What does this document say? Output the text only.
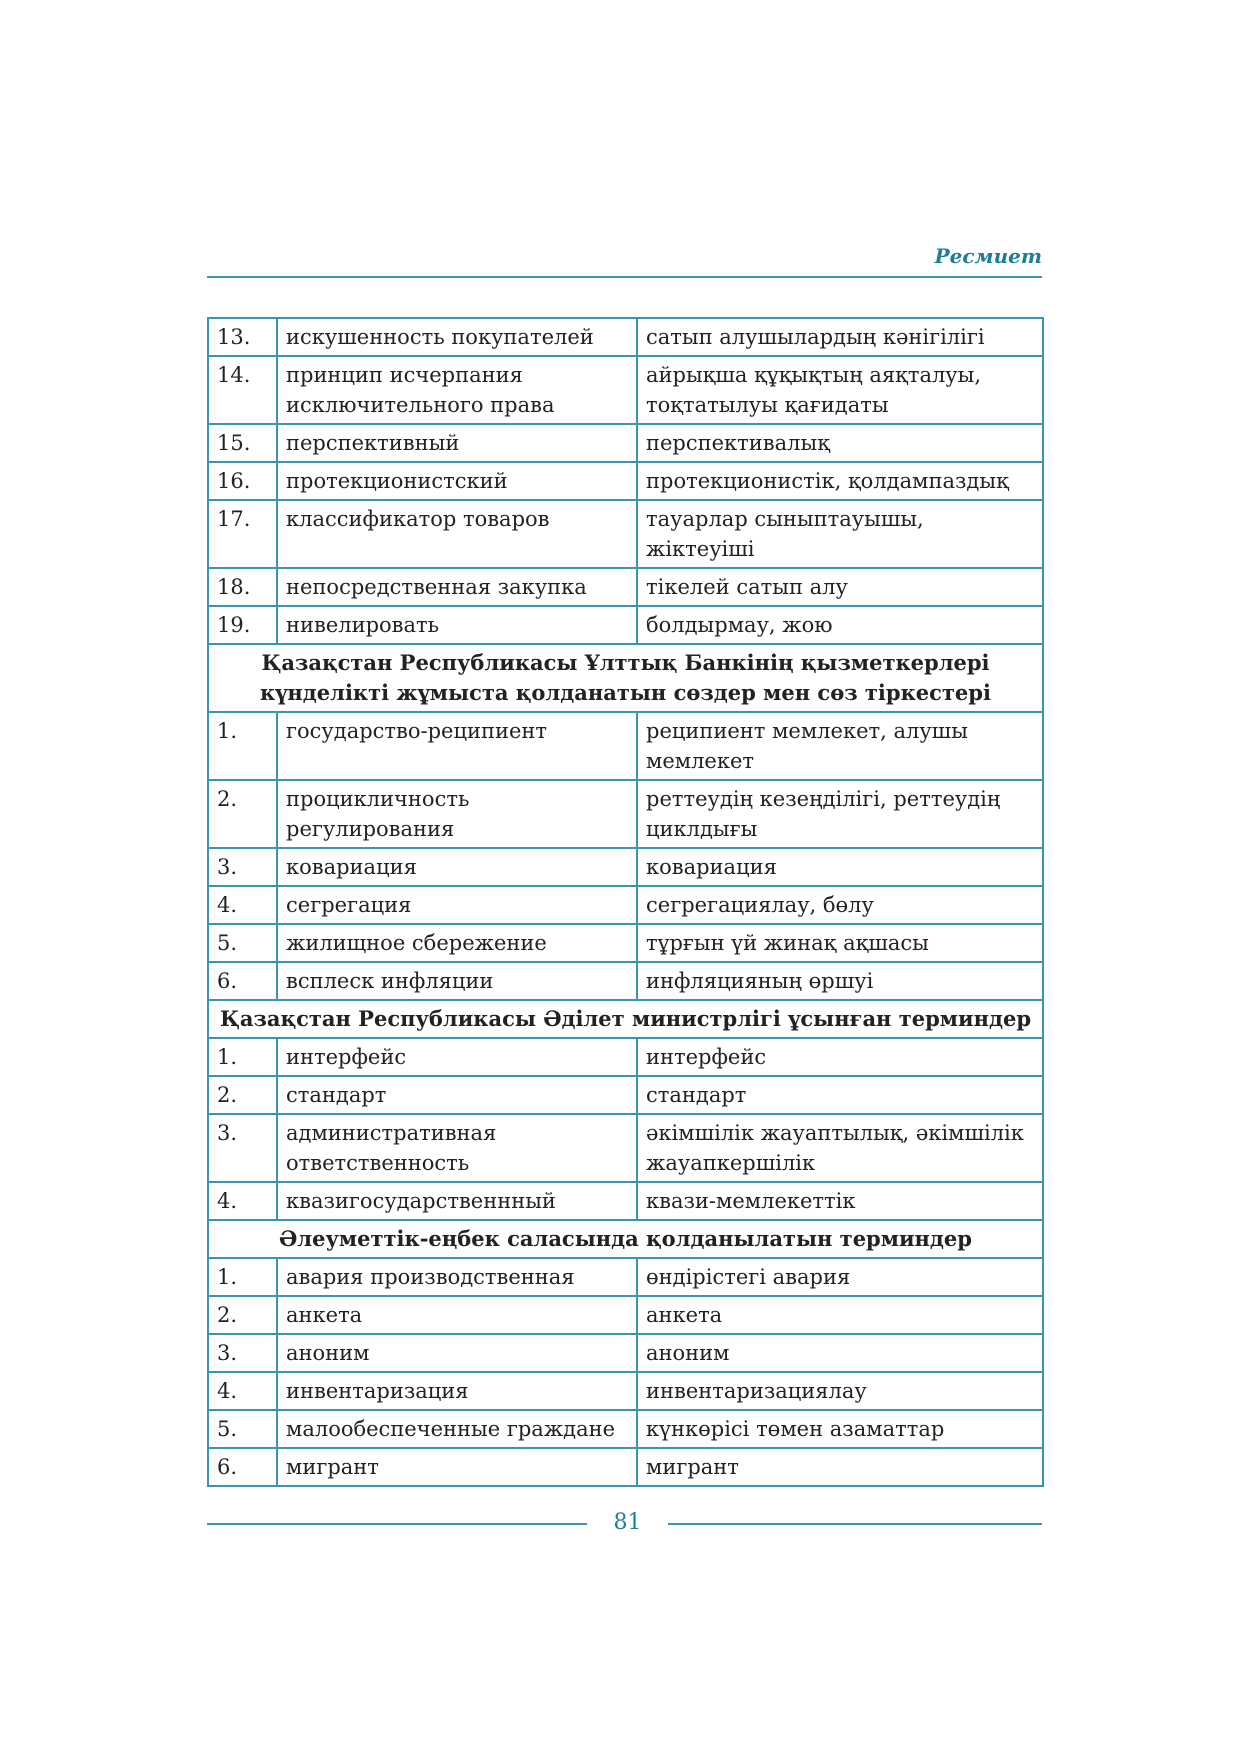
Ресмиет
13.	искушенность покупателей	сатып алушылардың кәнігілігі
14.	принцип исчерпания исключительного права	айрықша құқықтың аяқталуы, тоқтатылуы қағидаты
15.	перспективный	перспективалық
16.	протекционистский	протекционистік, қолдампаздық
17.	классификатор товаров	тауарлар сыныптауышы, жіктеуіші
18.	непосредственная закупка	тікелей сатып алу
19.	нивелировать	болдырмау, жою
Қазақстан Республикасы Ұлттық Банкінің қызметкерлері күнделікті жұмыста қолданатын сөздер мен сөз тіркестері		
1.	государство-реципиент	реципиент мемлекет, алушы мемлекет
2.	процикличность регулирования	реттеудің кезеңділігі, реттеудің циклдығы
3.	ковариация	ковариация
4.	сегрегация	сегрегациялау, бөлу
5.	жилищное сбережение	тұрғын үй жинақ ақшасы
6.	всплеск инфляции	инфляцияның өршуі
Қазақстан Республикасы Әділет министрлігі ұсынған терминдер		
1.	интерфейс	интерфейс
2.	стандарт	стандарт
3.	административная ответственность	әкімшілік жауаптылық, әкімшілік жауапкершілік
4.	квазигосударственнный	квази-мемлекеттік
Әлеуметтік-еңбек саласында қолданылатын терминдер		
1.	авария производственная	өндірістегі авария
2.	анкета	анкета
3.	аноним	аноним
4.	инвентаризация	инвентаризациялау
5.	малообеспеченные граждане	күнкөрісі төмен азаматтар
6.	мигрант	мигрант
81
